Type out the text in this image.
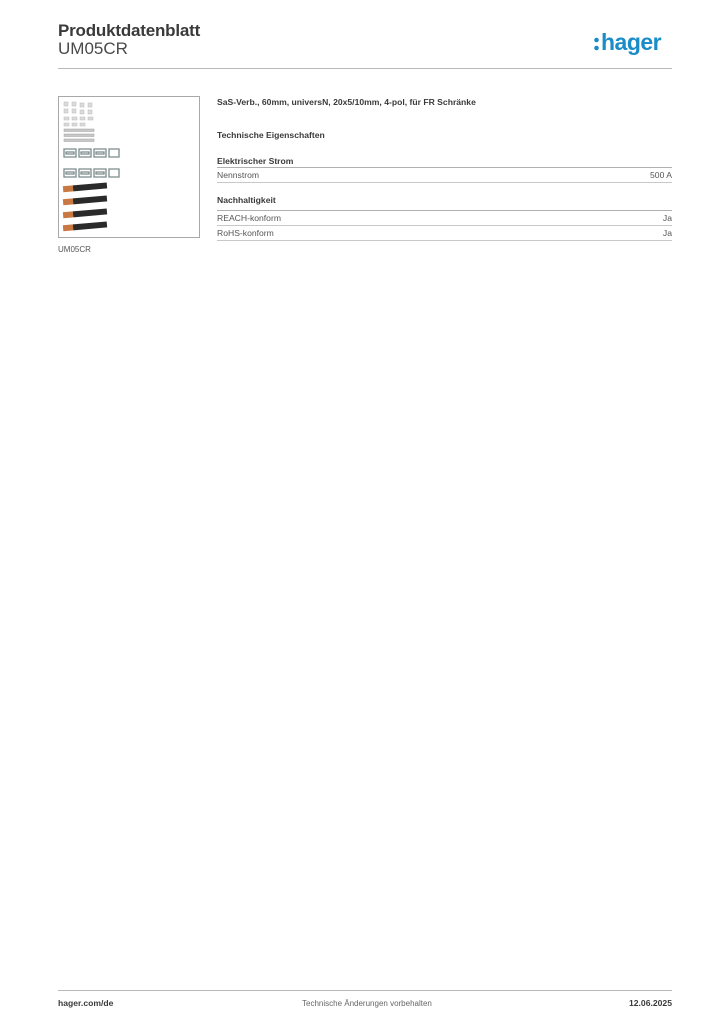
Produktdatenblatt
UM05CR	hager
UM05CR
SaS-Verb., 60mm, universN, 20x5/10mm, 4-pol, für FR Schränke
Technische Eigenschaften
Elektrischer Strom
Nennstrom	500 A
Nachhaltigkeit
REACH-konform	Ja
RoHS-konform	Ja
hager.com/de	Technische Änderungen vorbehalten	12.06.2025
